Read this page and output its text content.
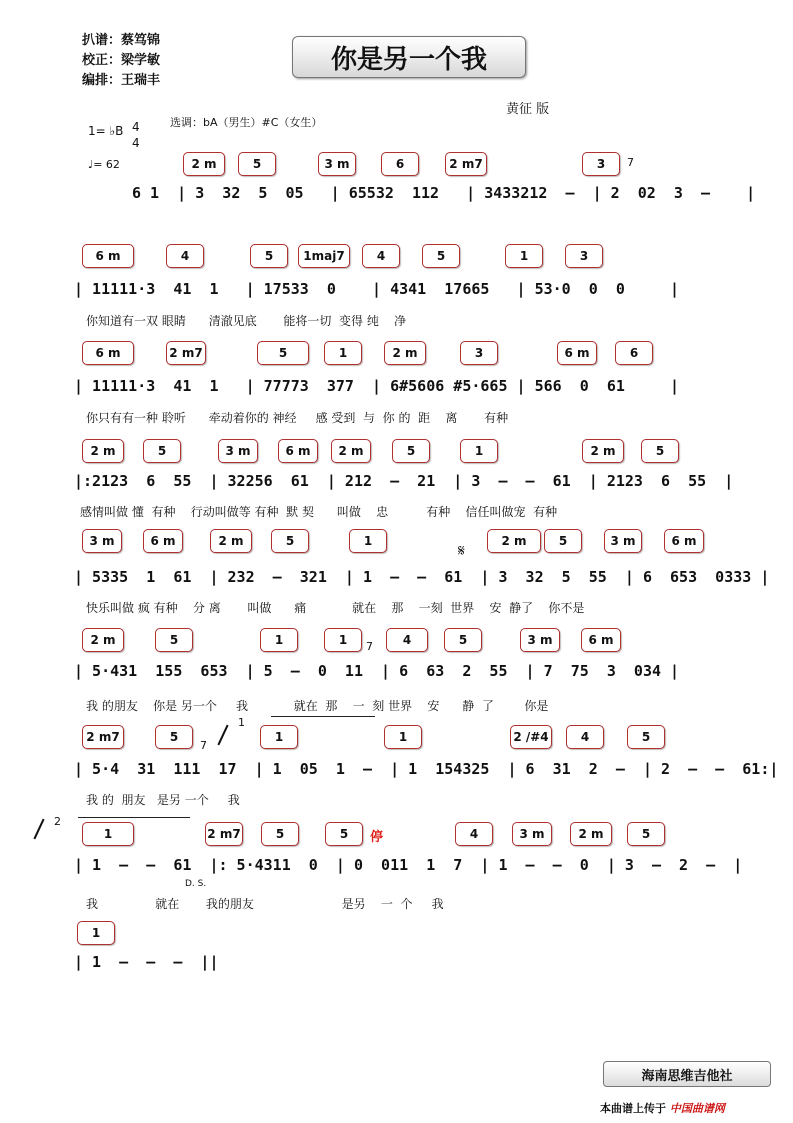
扒谱：蔡笃锦
校正：梁学敏
编排：王瑞丰
你是另一个我
黄征 版
1= ♭B 4
4
♩= 62
选调：bA（男生）#C（女生）
2 m	5	3 m	6	2 m7	3	7
6 1  | 3  32  5  05   | 65532  112   | 3433212  –  | 2  02  3  –    |
6 m	4	5	1maj7	4	5	1	3
| 11111·3  41  1   | 17533  0    | 4341  17665   | 53·0  0  0     |
你知道有一双 眼睛      清澈见底       能将一切  变得 纯    净
6 m	2 m7	5	1	2 m	3	6 m	6
| 11111·3  41  1   | 77773  377  | 6#5606 #5·665 | 566  0  61     |
你只有有一种 聆听      牵动着你的 神经     感 受到  与  你 的  距    离       有种
2 m	5	3 m	6 m	2 m	5	1	2 m	5
|:2123  6  55  | 32256  61  | 212  –  21  | 3  –  –  61  | 2123  6  55  |
感情叫做 懂  有种    行动叫做等 有种  默 契      叫做    忠          有种    信任叫做宠  有种
3 m	6 m	2 m	5	1	𝄋	2 m	5	3 m	6 m
| 5335  1  61  | 232  –  321  | 1  –  –  61  | 3  32  5  55  | 6  653  0333 |
快乐叫做 疯 有种    分 离       叫做      痛            就在    那    一刻  世界    安  静了    你不是
2 m	5	1	1	7	4	5	3 m	6 m
| 5·431  155  653  | 5  –  0  11  | 6  63  2  55  | 7  75  3  034 |
我 的朋友    你是 另一个     我            就在  那    一  刻 世界    安      静  了        你是
2 m7	5
7
1
1	1	2 /#4	4	5
| 5·4  31  111  17  | 1  05  1  –  | 1  154325  | 6  31  2  –  | 2  –  –  61:|
我 的  朋友   是另 一个     我
2
1	2 m7	5	5	停	4	3 m	2 m	5
| 1  –  –  61  |: 5·4311  0  | 0  011  1  7  | 1  –  –  0  | 3  –  2  –  |
D. S.
我               就在       我的朋友                       是另    一  个     我
1
| 1  –  –  –  ||
海南思维吉他社
本曲谱上传于 中国曲谱网
